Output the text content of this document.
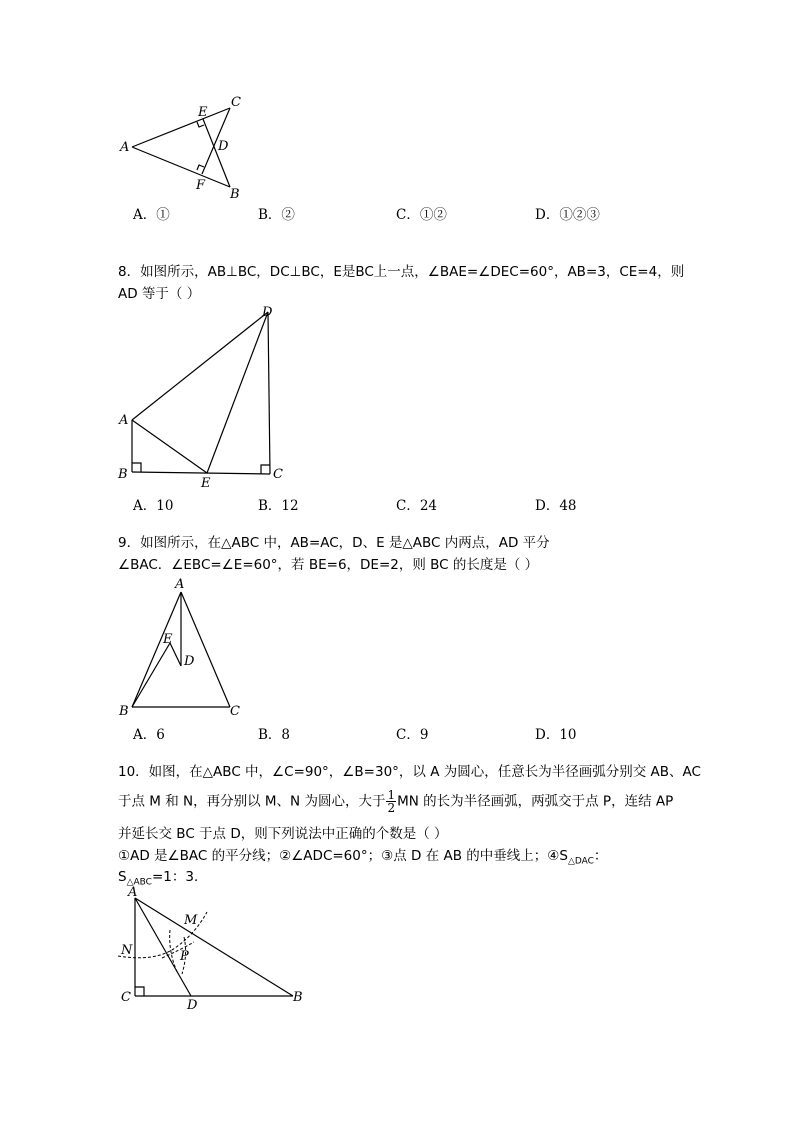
A
C
E
D
F
B
A．①	B．②	C．①②	D．①②③
8．如图所示，AB⊥BC，DC⊥BC，E是BC上一点，∠BAE=∠DEC=60°，AB=3，CE=4，则
AD 等于（ ）
D
A
B
E
C
A．10	B．12	C．24	D．48
9．如图所示，在△ABC 中，AB=AC，D、E 是△ABC 内两点，AD 平分
∠BAC．∠EBC=∠E=60°，若 BE=6，DE=2，则 BC 的长度是（ ）
A
E
D
B	C
A．6	B．8	C．9	D．10
10．如图，在△ABC 中，∠C=90°，∠B=30°，以 A 为圆心，任意长为半径画弧分别交 AB、AC
于点 M 和 N，再分别以 M、N 为圆心，大于 $\frac{1}{2}$ MN 的长为半径画弧，两弧交于点 P，连结 AP
并延长交 BC 于点 D，则下列说法中正确的个数是（ ）
①AD 是∠BAC 的平分线；②∠ADC=60°；③点 D 在 AB 的中垂线上；$④S_{\triangle DAC}$：
$S_{\triangle ABC}=1$：3．
A
M
N	P
C
D
B
